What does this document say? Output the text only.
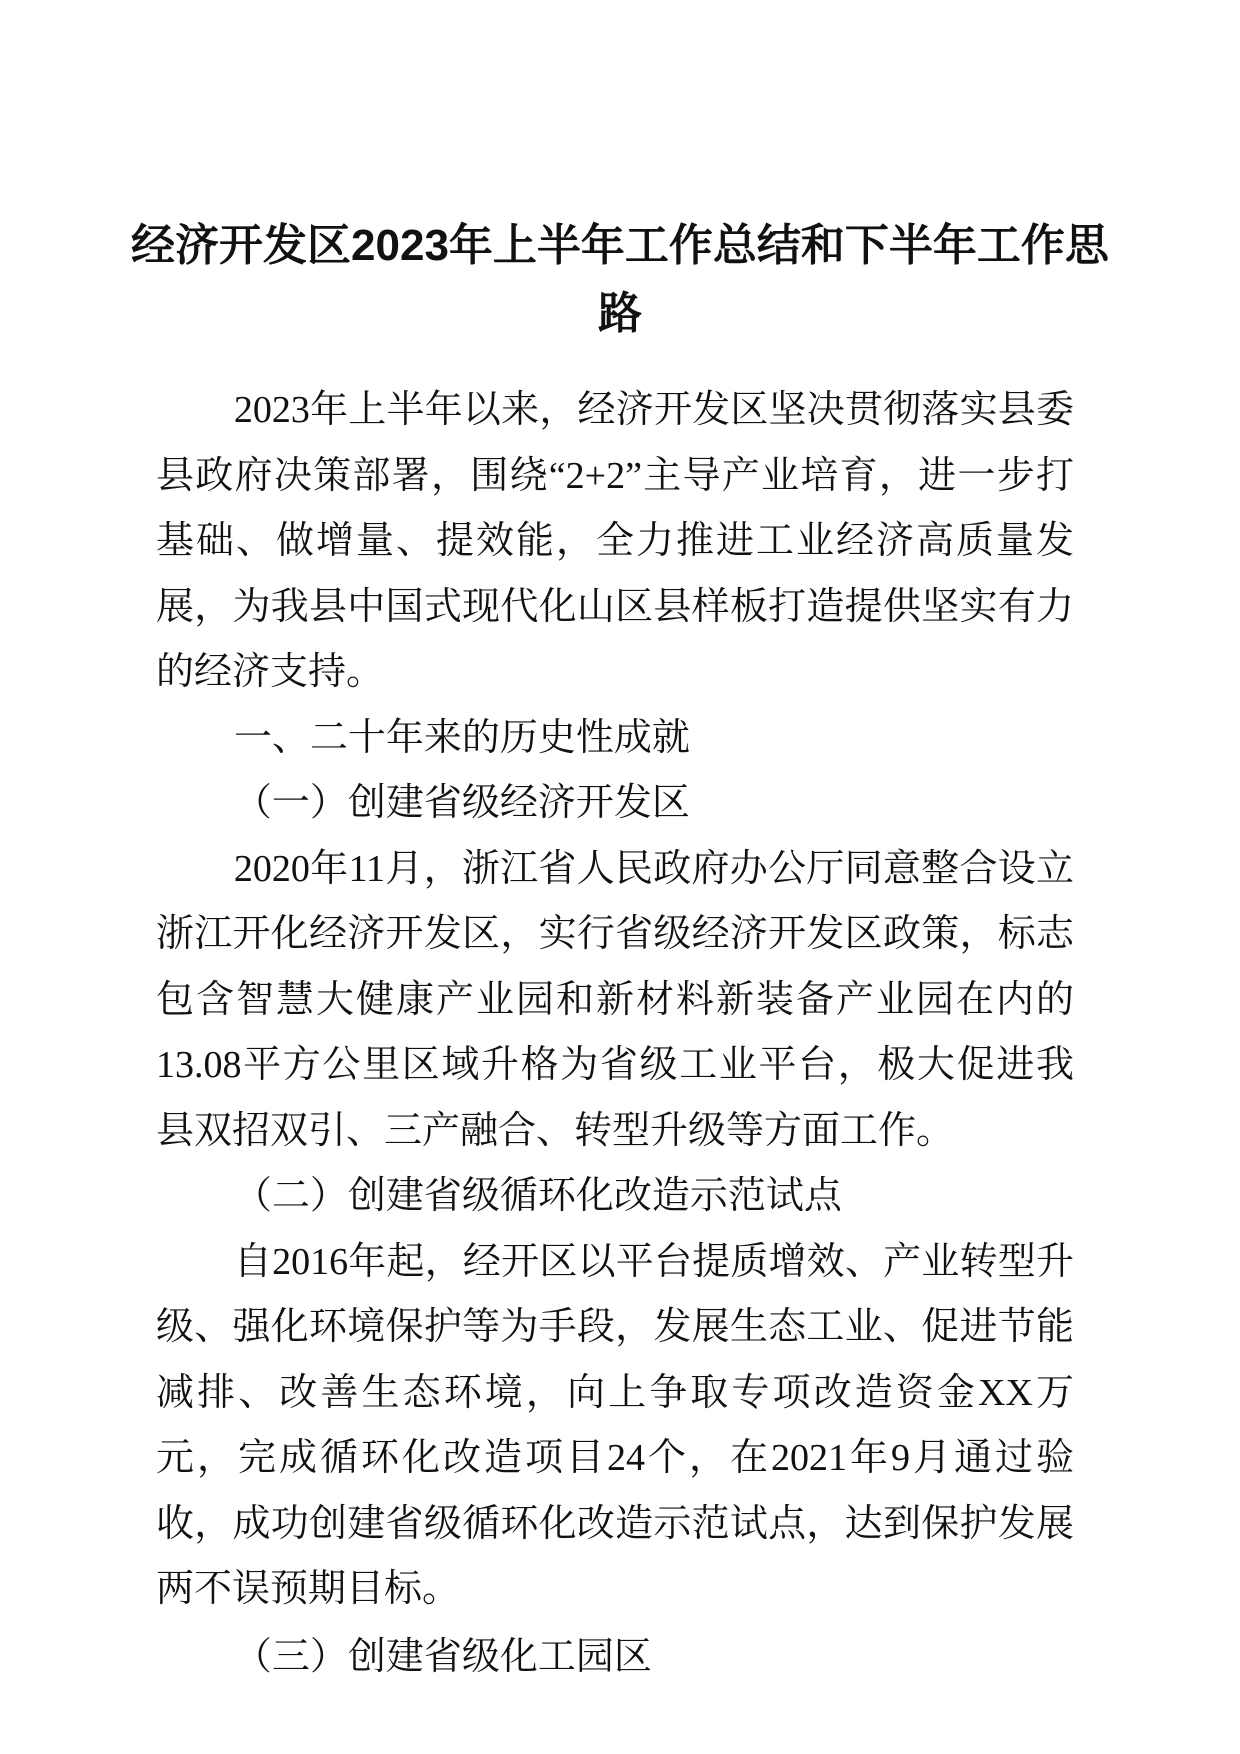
经济开发区2023年上半年工作总结和下半年工作思路

2023年上半年以来，经济开发区坚决贯彻落实县委县政府决策部署，围绕“2+2”主导产业培育，进一步打基础、做增量、提效能，全力推进工业经济高质量发展，为我县中国式现代化山区县样板打造提供坚实有力的经济支持。

一、二十年来的历史性成就

（一）创建省级经济开发区

2020年11月，浙江省人民政府办公厅同意整合设立浙江开化经济开发区，实行省级经济开发区政策，标志包含智慧大健康产业园和新材料新装备产业园在内的13.08平方公里区域升格为省级工业平台，极大促进我县双招双引、三产融合、转型升级等方面工作。

（二）创建省级循环化改造示范试点

自2016年起，经开区以平台提质增效、产业转型升级、强化环境保护等为手段，发展生态工业、促进节能减排、改善生态环境，向上争取专项改造资金XX万元，完成循环化改造项目24个，在2021年9月通过验收，成功创建省级循环化改造示范试点，达到保护发展两不误预期目标。

（三）创建省级化工园区
